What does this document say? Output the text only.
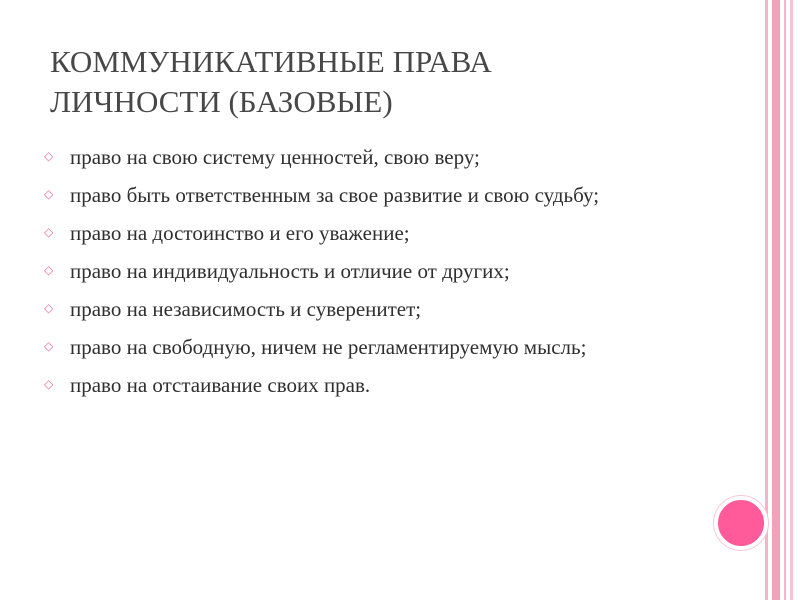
КОММУНИКАТИВНЫЕ ПРАВА
ЛИЧНОСТИ (БАЗОВЫЕ)
◇ право на свою систему ценностей, свою веру;
◇ право быть ответственным за свое развитие и свою судьбу;
◇ право на достоинство и его уважение;
◇ право на индивидуальность и отличие от других;
◇ право на независимость и суверенитет;
◇ право на свободную, ничем не регламентируемую мысль;
◇ право на отстаивание своих прав.
